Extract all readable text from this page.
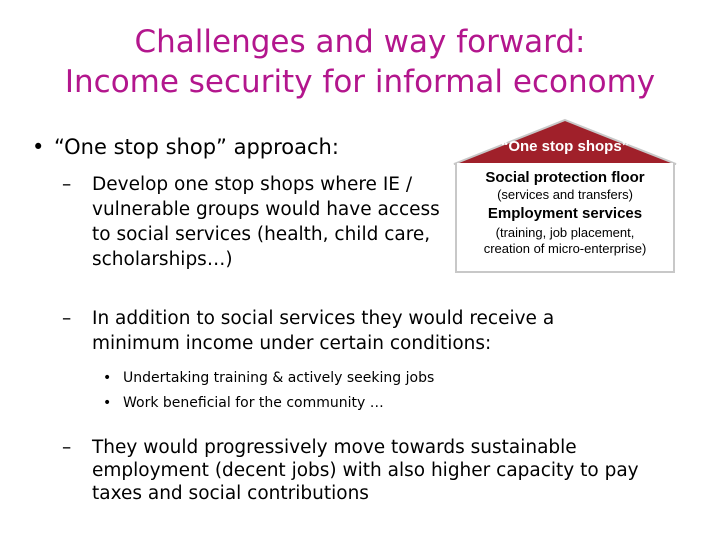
Challenges and way forward:
Income security for informal economy
• “One stop shop” approach:
–	Develop one stop shops where IE /
vulnerable groups would have access
to social services (health, child care,
scholarships…)
“One stop shops”
Social protection floor
(services and transfers)
Employment services
(training, job placement,
creation of micro-enterprise)
–	In addition to social services they would receive a
minimum income under certain conditions:
• Undertaking training & actively seeking jobs
• Work beneficial for the community …
–	They would progressively move towards sustainable
employment (decent jobs) with also higher capacity to pay
taxes and social contributions
